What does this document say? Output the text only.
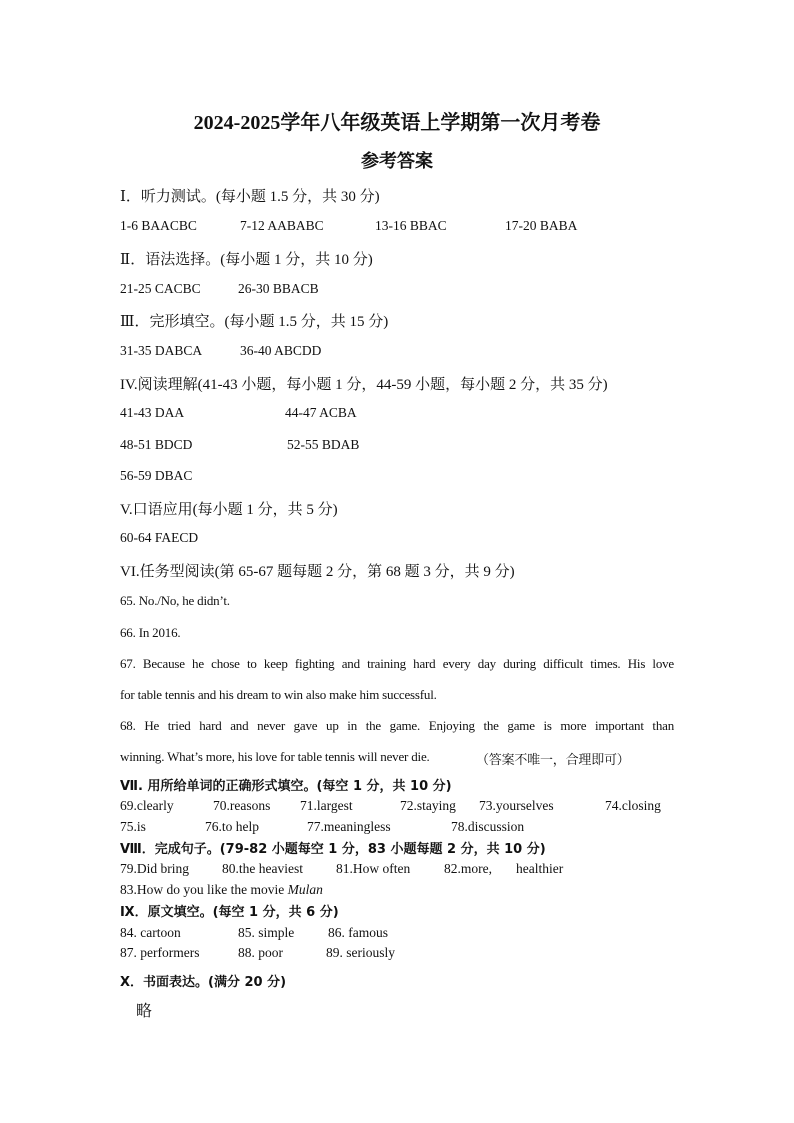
2024-2025学年八年级英语上学期第一次月考卷
参考答案
Ⅰ．听力测试。(每小题 1.5 分，共 30 分)
1-6 BAACBC	7-12 AABABC	13-16 BBAC	17-20 BABA
Ⅱ．语法选择。(每小题 1 分，共 10 分)
21-25 CACBC	26-30 BBACB
Ⅲ．完形填空。(每小题 1.5 分，共 15 分)
31-35 DABCA	36-40 ABCDD
IV.阅读理解(41-43 小题，每小题 1 分，44-59 小题，每小题 2 分，共 35 分)
41-43 DAA	44-47 ACBA
48-51 BDCD	52-55 BDAB
56-59 DBAC
V.口语应用(每小题 1 分，共 5 分)
60-64 FAECD
VI.任务型阅读(第 65-67 题每题 2 分，第 68 题 3 分，共 9 分)
65. No./No, he didn’t.
66. In 2016.
67. Because he chose to keep fighting and training hard every day during difficult times. His love
for table tennis and his dream to win also make him successful.
68. He tried hard and never gave up in the game. Enjoying the game is more important than
winning. What’s more, his love for table tennis will never die.	（答案不唯一，合理即可）
Ⅶ. 用所给单词的正确形式填空。(每空 1 分，共 10 分)
69.clearly	70.reasons 71.largest	72.staying 73.yourselves	74.closing
75.is	76.to help	77.meaningless	78.discussion
Ⅷ．完成句子。(79-82 小题每空 1 分，83 小题每题 2 分，共 10 分)
79.Did bring 80.the heaviest 81.How often	82.more, healthier
83.How do you like the movie Mulan
Ⅸ．原文填空。(每空 1 分，共 6 分)
84. cartoon	85. simple	86. famous
87. performers	88. poor	89. seriously
X．书面表达。(满分 20 分)
略
